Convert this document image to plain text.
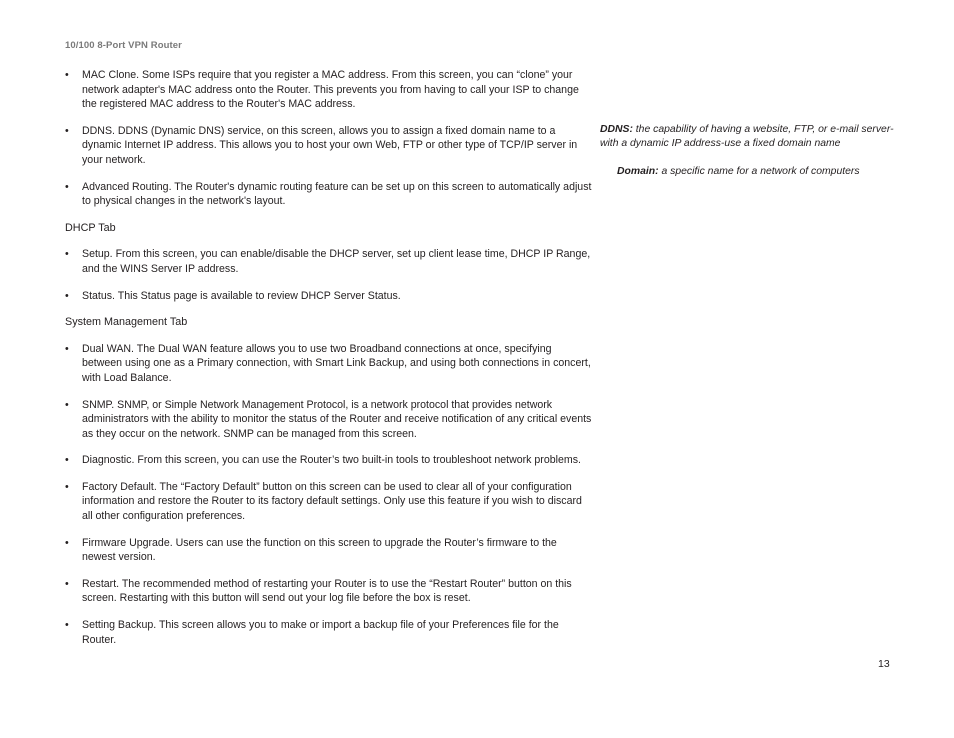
10/100 8-Port VPN Router
• MAC Clone. Some ISPs require that you register a MAC address. From this screen, you can “clone” your network adapter's MAC address onto the Router. This prevents you from having to call your ISP to change the registered MAC address to the Router's MAC address.
• DDNS. DDNS (Dynamic DNS) service, on this screen, allows you to assign a fixed domain name to a dynamic Internet IP address. This allows you to host your own Web, FTP or other type of TCP/IP server in your network.
• Advanced Routing. The Router's dynamic routing feature can be set up on this screen to automatically adjust to physical changes in the network's layout.
DHCP Tab
• Setup. From this screen, you can enable/disable the DHCP server, set up client lease time, DHCP IP Range, and the WINS Server IP address.
• Status. This Status page is available to review DHCP Server Status.
System Management Tab
• Dual WAN. The Dual WAN feature allows you to use two Broadband connections at once, specifying between using one as a Primary connection, with Smart Link Backup, and using both connections in concert, with Load Balance.
• SNMP. SNMP, or Simple Network Management Protocol, is a network protocol that provides network administrators with the ability to monitor the status of the Router and receive notification of any critical events as they occur on the network. SNMP can be managed from this screen.
• Diagnostic. From this screen, you can use the Router’s two built-in tools to troubleshoot network problems.
• Factory Default. The “Factory Default” button on this screen can be used to clear all of your configuration information and restore the Router to its factory default settings. Only use this feature if you wish to discard all other configuration preferences.
• Firmware Upgrade. Users can use the function on this screen to upgrade the Router’s firmware to the newest version.
• Restart. The recommended method of restarting your Router is to use the “Restart Router” button on this screen. Restarting with this button will send out your log file before the box is reset.
• Setting Backup. This screen allows you to make or import a backup file of your Preferences file for the Router.
DDNS: the capability of having a website, FTP, or e-mail server-with a dynamic IP address-use a fixed domain name
Domain: a specific name for a network of computers
13
